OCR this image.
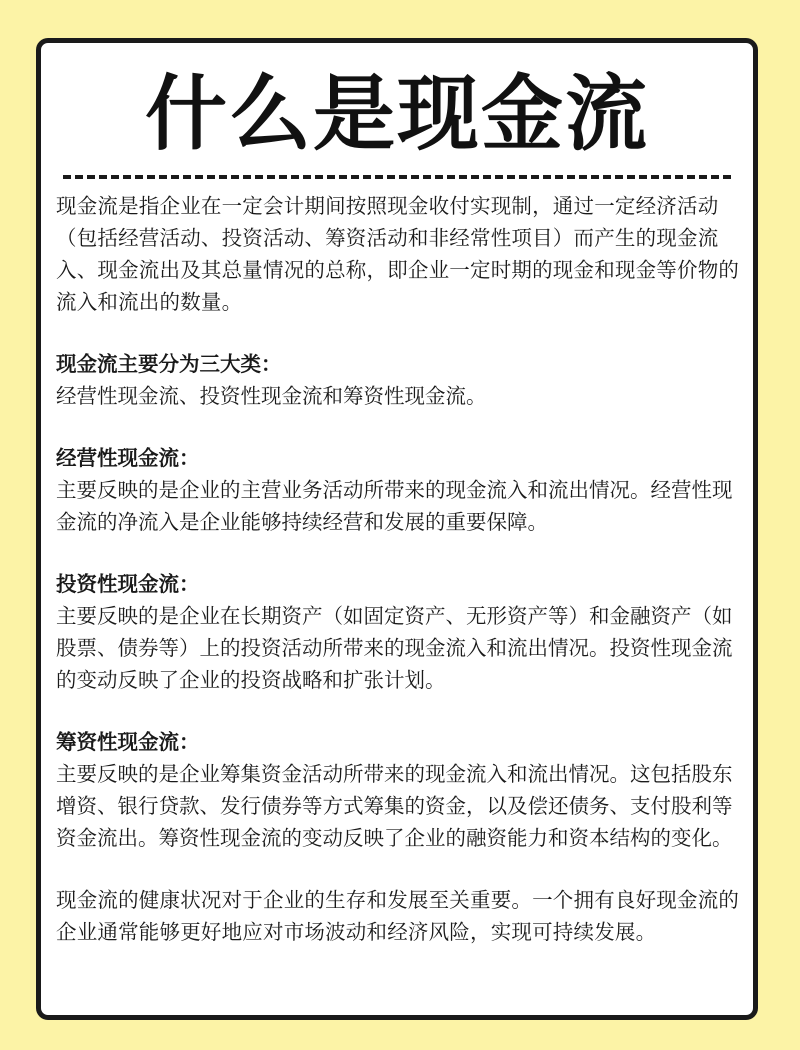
什么是现金流

现金流是指企业在一定会计期间按照现金收付实现制，通过一定经济活动（包括经营活动、投资活动、筹资活动和非经常性项目）而产生的现金流入、现金流出及其总量情况的总称，即企业一定时期的现金和现金等价物的流入和流出的数量。

现金流主要分为三大类：

经营性现金流、投资性现金流和筹资性现金流。

经营性现金流：

主要反映的是企业的主营业务活动所带来的现金流入和流出情况。经营性现金流的净流入是企业能够持续经营和发展的重要保障。

投资性现金流：

主要反映的是企业在长期资产（如固定资产、无形资产等）和金融资产（如股票、债券等）上的投资活动所带来的现金流入和流出情况。投资性现金流的变动反映了企业的投资战略和扩张计划。

筹资性现金流：

主要反映的是企业筹集资金活动所带来的现金流入和流出情况。这包括股东增资、银行贷款、发行债券等方式筹集的资金，以及偿还债务、支付股利等资金流出。筹资性现金流的变动反映了企业的融资能力和资本结构的变化。

现金流的健康状况对于企业的生存和发展至关重要。一个拥有良好现金流的企业通常能够更好地应对市场波动和经济风险，实现可持续发展。
